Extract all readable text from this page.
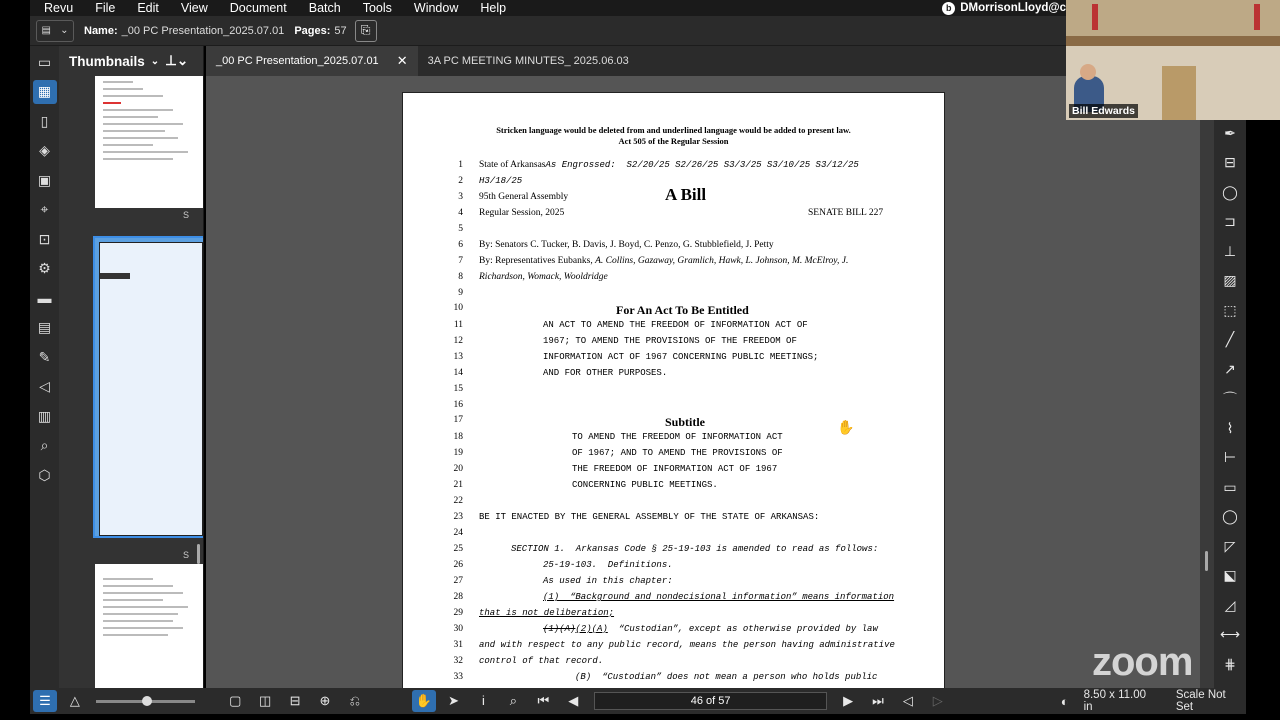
Revu File Edit View Document Batch Tools Window Help	b DMorrisonLloyd@c
▤ ⌄ Name: _00 PC Presentation_2025.07.01 Pages: 57 ⎘
▭
▦
▯
◈
▣
⌖
⊡
⚙
▬
▤
✎
◁
▥
⌕
⬡
Thumbnails ⌄ ⊥⌄
S
S
_00 PC Presentation_2025.07.01 ✕ 3A PC MEETING MINUTES_ 2025.06.03
Stricken language would be deleted from and underlined language would be added to present law.
Act 505 of the Regular Session
1 State of ArkansasAs Engrossed:  S2/20/25 S2/26/25 S3/3/25 S3/10/25 S3/12/25
2 H3/18/25
3 95th General Assembly	A Bill
4 Regular Session, 2025	SENATE BILL 227
5
6 By: Senators C. Tucker, B. Davis, J. Boyd, C. Penzo, G. Stubblefield, J. Petty
7 By: Representatives Eubanks, A. Collins, Gazaway, Gramlich, Hawk, L. Johnson, M. McElroy, J.
8 Richardson, Womack, Wooldridge
9
10	For An Act To Be Entitled
11	AN ACT TO AMEND THE FREEDOM OF INFORMATION ACT OF
12	1967; TO AMEND THE PROVISIONS OF THE FREEDOM OF
13	INFORMATION ACT OF 1967 CONCERNING PUBLIC MEETINGS;
14	AND FOR OTHER PURPOSES.
15
16
17	Subtitle
18	TO AMEND THE FREEDOM OF INFORMATION ACT
19	OF 1967; AND TO AMEND THE PROVISIONS OF
20	THE FREEDOM OF INFORMATION ACT OF 1967
21	CONCERNING PUBLIC MEETINGS.
22
23 BE IT ENACTED BY THE GENERAL ASSEMBLY OF THE STATE OF ARKANSAS:
24
25	SECTION 1.  Arkansas Code § 25-19-103 is amended to read as follows:
26	25-19-103.  Definitions.
27	As used in this chapter:
28	(1)  “Background and nondecisional information” means information
29 that is not deliberation;
30	(1)(A)(2)(A)  “Custodian”, except as otherwise provided by law
31 and with respect to any public record, means the person having administrative
32 control of that record.
33	(B)  “Custodian” does not mean a person who holds public
✋
✒
⊟
◯
⊐
⊥
▨
⬚
╱
↗
⌒
⌇
⊢
▭
◯
◸
⬕
◿
⟷
⋕
Bill Edwards
☰	△	▢	◫	⊟	⊕	⎌	✋	➤	Ꭵ	⌕	⏮	◀	46 of 57	▶	⏭	◁	▷	◐	8.50 x 11.00 in
Scale Not Set
zoom
